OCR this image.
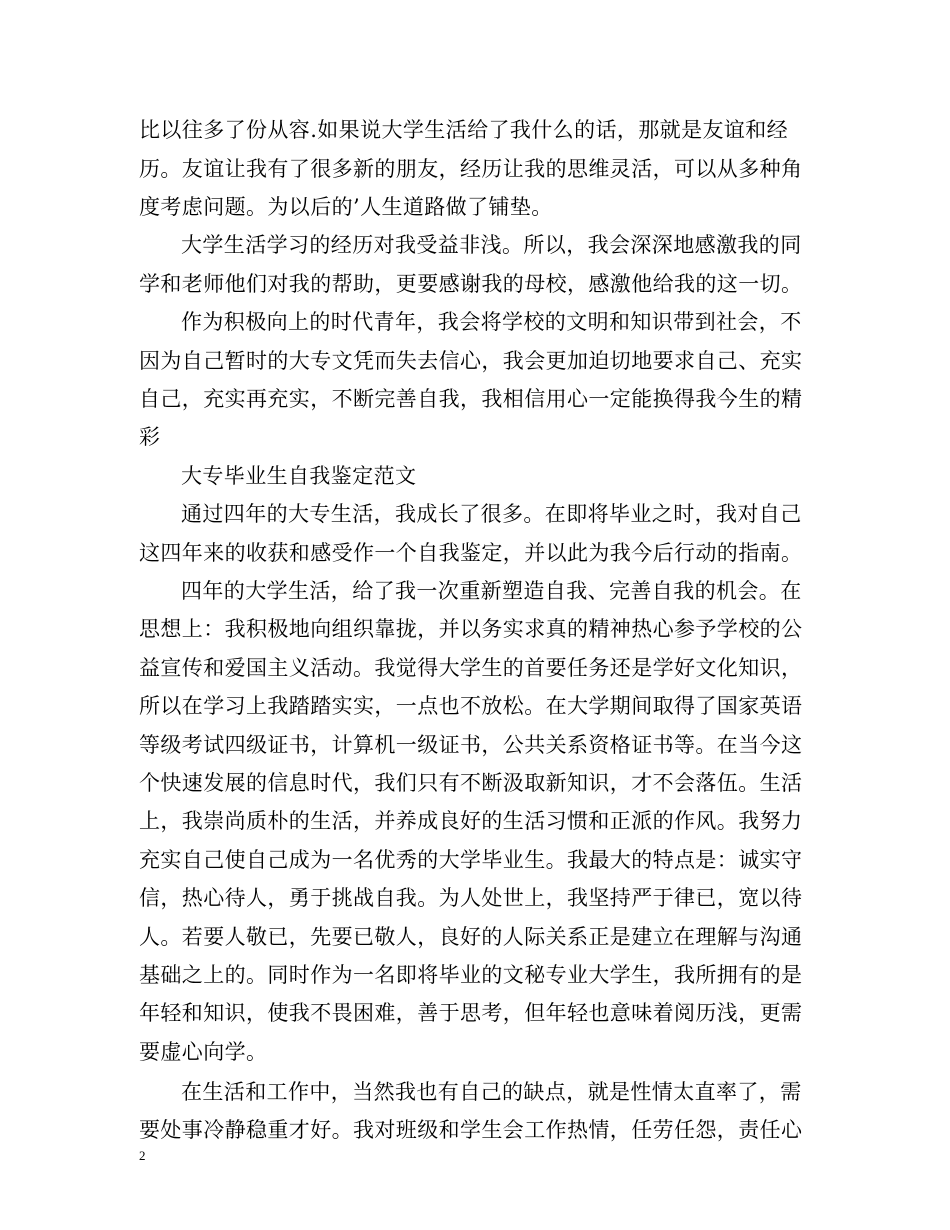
比以往多了份从容.如果说大学生活给了我什么的话，那就是友谊和经
历。友谊让我有了很多新的朋友，经历让我的思维灵活，可以从多种角
度考虑问题。为以后的’人生道路做了铺垫。
大学生活学习的经历对我受益非浅。所以，我会深深地感激我的同
学和老师他们对我的帮助，更要感谢我的母校，感激他给我的这一切。
作为积极向上的时代青年，我会将学校的文明和知识带到社会，不
因为自己暂时的大专文凭而失去信心，我会更加迫切地要求自己、充实
自己，充实再充实，不断完善自我，我相信用心一定能换得我今生的精
彩
大专毕业生自我鉴定范文
通过四年的大专生活，我成长了很多。在即将毕业之时，我对自己
这四年来的收获和感受作一个自我鉴定，并以此为我今后行动的指南。
四年的大学生活，给了我一次重新塑造自我、完善自我的机会。在
思想上：我积极地向组织靠拢，并以务实求真的精神热心参予学校的公
益宣传和爱国主义活动。我觉得大学生的首要任务还是学好文化知识，
所以在学习上我踏踏实实，一点也不放松。在大学期间取得了国家英语
等级考试四级证书，计算机一级证书，公共关系资格证书等。在当今这
个快速发展的信息时代，我们只有不断汲取新知识，才不会落伍。生活
上，我崇尚质朴的生活，并养成良好的生活习惯和正派的作风。我努力
充实自己使自己成为一名优秀的大学毕业生。我最大的特点是：诚实守
信，热心待人，勇于挑战自我。为人处世上，我坚持严于律已，宽以待
人。若要人敬已，先要已敬人，良好的人际关系正是建立在理解与沟通
基础之上的。同时作为一名即将毕业的文秘专业大学生，我所拥有的是
年轻和知识，使我不畏困难，善于思考，但年轻也意味着阅历浅，更需
要虚心向学。
在生活和工作中，当然我也有自己的缺点，就是性情太直率了，需
要处事冷静稳重才好。我对班级和学生会工作热情，任劳任怨，责任心
2
